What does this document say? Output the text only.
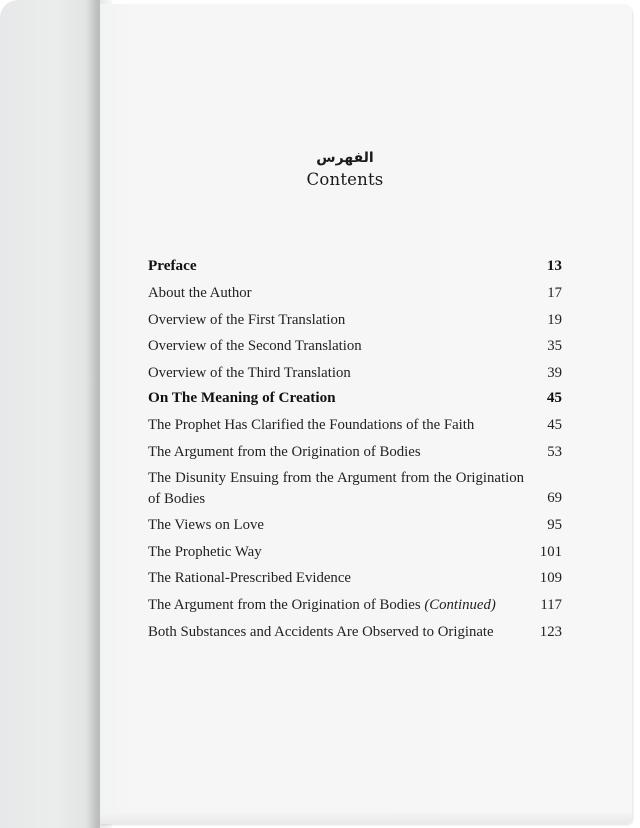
الفهرس
Contents
Preface	13
About the Author	17
Overview of the First Translation	19
Overview of the Second Translation	35
Overview of the Third Translation	39
On The Meaning of Creation	45
The Prophet Has Clarified the Foundations of the Faith	45
The Argument from the Origination of Bodies	53
The Disunity Ensuing from the Argument from the Origination of Bodies	69
The Views on Love	95
The Prophetic Way	101
The Rational-Prescribed Evidence	109
The Argument from the Origination of Bodies (Continued)	117
Both Substances and Accidents Are Observed to Originate	123
